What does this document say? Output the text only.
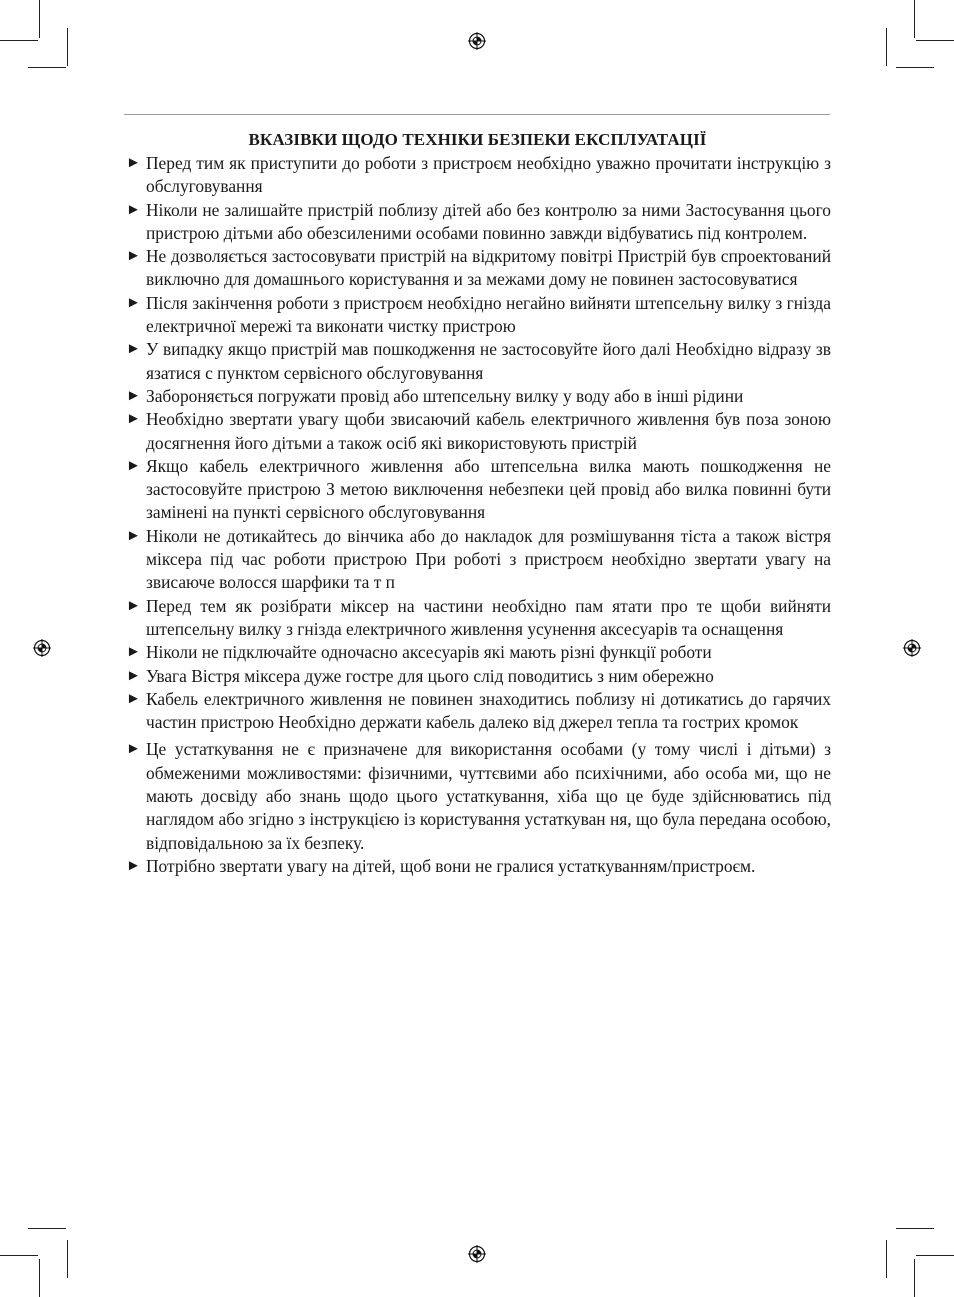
ВКАЗІВКИ ЩОДО ТЕХНІКИ БЕЗПЕКИ ЕКСПЛУАТАЦІЇ
► Перед тим як приступити до роботи з пристроєм необхідно уважно прочитати інструкцію з обслуговування
► Ніколи не залишайте пристрій поблизу дітей або без контролю за ними Застосування цього пристрою дітьми або обезсиленими особами повинно завжди відбуватись під контролем.
► Не дозволяється застосовувати пристрій на відкритому повітрі Пристрій був спроектований виключно для домашнього користування и за межами дому не повинен застосовуватися
► Після закінчення роботи з пристроєм необхідно негайно вийняти штепсельну вилку з гнізда електричної мережі та виконати чистку пристрою
► У випадку якщо пристрій мав пошкодження не застосовуйте його далі Необхідно відразу зв язатися с пунктом сервісного обслуговування
► Забороняється погружати провід або штепсельну вилку у воду або в інші рідини
► Необхідно звертати увагу щоби звисаючий кабель електричного живлення був поза зоною досягнення його дітьми а також осіб які використовують пристрій
► Якщо кабель електричного живлення або штепсельна вилка мають пошкодження не застосовуйте пристрою З метою виключення небезпеки цей провід або вилка повинні бути замінені на пункті сервісного обслуговування
► Ніколи не дотикайтесь до вінчика або до накладок для розмішування тіста а також вістря міксера під час роботи пристрою При роботі з пристроєм необхідно звертати увагу на звисаюче волосся шарфики та т п
► Перед тем як розібрати міксер на частини необхідно пам ятати про те щоби вийняти штепсельну вилку з гнізда електричного живлення усунення аксесуарів та оснащення
► Ніколи не підключайте одночасно аксесуарів які мають різні функції роботи
► Увага Вістря міксера дуже гостре для цього слід поводитись з ним обережно
► Кабель електричного живлення не повинен знаходитись поблизу ні дотикатись до гарячих частин пристрою Необхідно держати кабель далеко від джерел тепла та гострих кромок
► Це устаткування не є призначене для використання особами (у тому числі і дітьми) з обмеженими можливостями: фізичними, чуттєвими або психічними, або особа ми, що не мають досвіду або знань щодо цього устаткування, хіба що це буде здійснюватись під наглядом або згідно з інструкцією із користування устаткуван ня, що була передана особою, відповідальною за їх безпеку.
► Потрібно звертати увагу на дітей, щоб вони не гралися устаткуванням/пристроєм.
